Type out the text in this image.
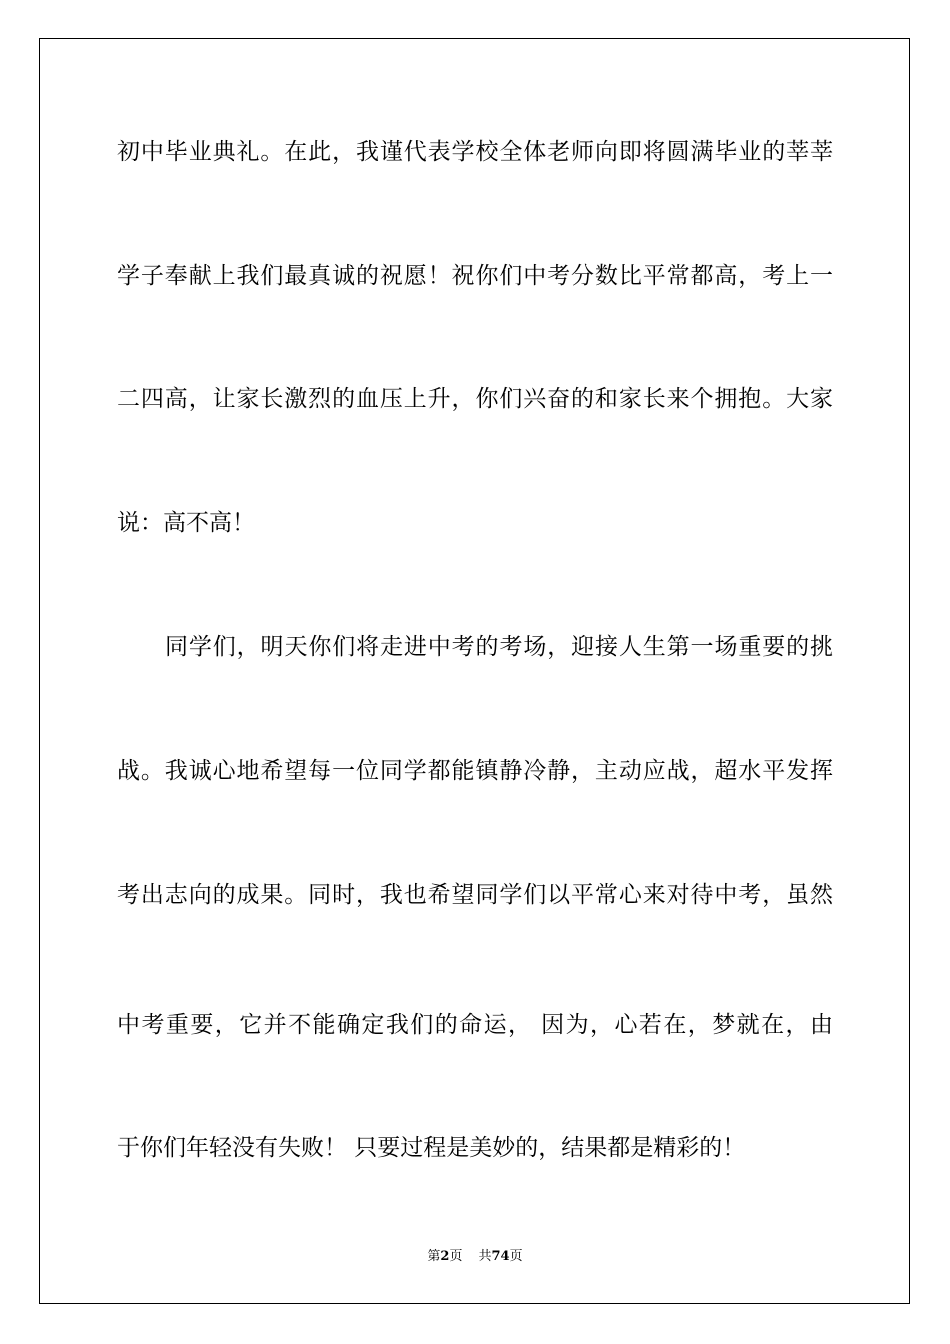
初中毕业典礼。在此，我谨代表学校全体老师向即将圆满毕业的莘莘
学子奉献上我们最真诚的祝愿！祝你们中考分数比平常都高，考上一
二四高，让家长激烈的血压上升，你们兴奋的和家长来个拥抱。大家
说：高不高！
同学们，明天你们将走进中考的考场，迎接人生第一场重要的挑
战。我诚心地希望每一位同学都能镇静冷静，主动应战，超水平发挥
考出志向的成果。同时，我也希望同学们以平常心来对待中考，虽然
中考重要，它并不能确定我们的命运， 因为，心若在，梦就在，由
于你们年轻没有失败！ 只要过程是美妙的，结果都是精彩的！
第2页 共74页
